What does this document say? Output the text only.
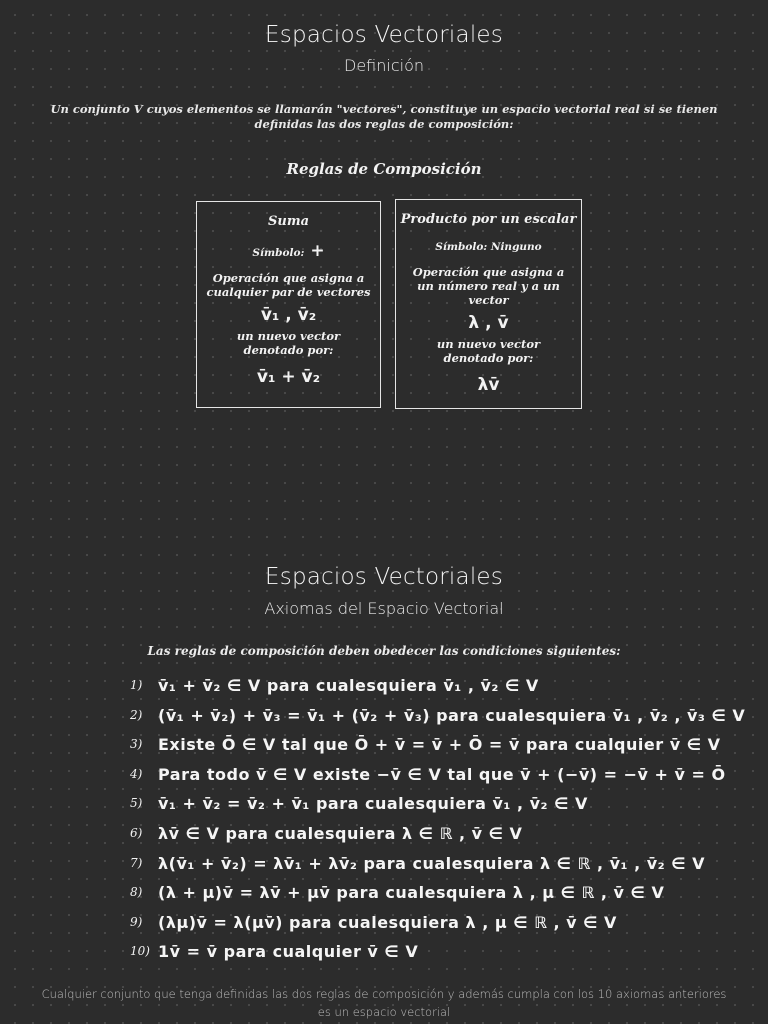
Espacios Vectoriales
Definición
Un conjunto V cuyos elementos se llamarán "vectores", constituye un espacio vectorial real si se tienen definidas las dos reglas de composición:
Reglas de Composición
Suma
Símbolo: +
Operación que asigna a cualquier par de vectores
v̄₁ , v̄₂
un nuevo vector denotado por:
v̄₁ + v̄₂
Producto por un escalar
Símbolo: Ninguno
Operación que asigna a un número real y a un vector
λ , v̄
un nuevo vector denotado por:
λv̄
Espacios Vectoriales
Axiomas del Espacio Vectorial
Las reglas de composición deben obedecer las condiciones siguientes:
1) v̄₁ + v̄₂ ∈ V para cualesquiera v̄₁ , v̄₂ ∈ V
2) (v̄₁ + v̄₂) + v̄₃ = v̄₁ + (v̄₂ + v̄₃) para cualesquiera v̄₁ , v̄₂ , v̄₃ ∈ V
3) Existe Ō ∈ V tal que Ō + v̄ = v̄ + Ō = v̄ para cualquier v̄ ∈ V
4) Para todo v̄ ∈ V existe −v̄ ∈ V tal que v̄ + (−v̄) = −v̄ + v̄ = Ō
5) v̄₁ + v̄₂ = v̄₂ + v̄₁ para cualesquiera v̄₁ , v̄₂ ∈ V
6) λv̄ ∈ V para cualesquiera λ ∈ ℝ , v̄ ∈ V
7) λ(v̄₁ + v̄₂) = λv̄₁ + λv̄₂ para cualesquiera λ ∈ ℝ , v̄₁ , v̄₂ ∈ V
8) (λ + μ)v̄ = λv̄ + μv̄ para cualesquiera λ , μ ∈ ℝ , v̄ ∈ V
9) (λμ)v̄ = λ(μv̄) para cualesquiera λ , μ ∈ ℝ , v̄ ∈ V
10) 1v̄ = v̄ para cualquier v̄ ∈ V
Cualquier conjunto que tenga definidas las dos reglas de composición y además cumpla con los 10 axiomas anteriores es un espacio vectorial
